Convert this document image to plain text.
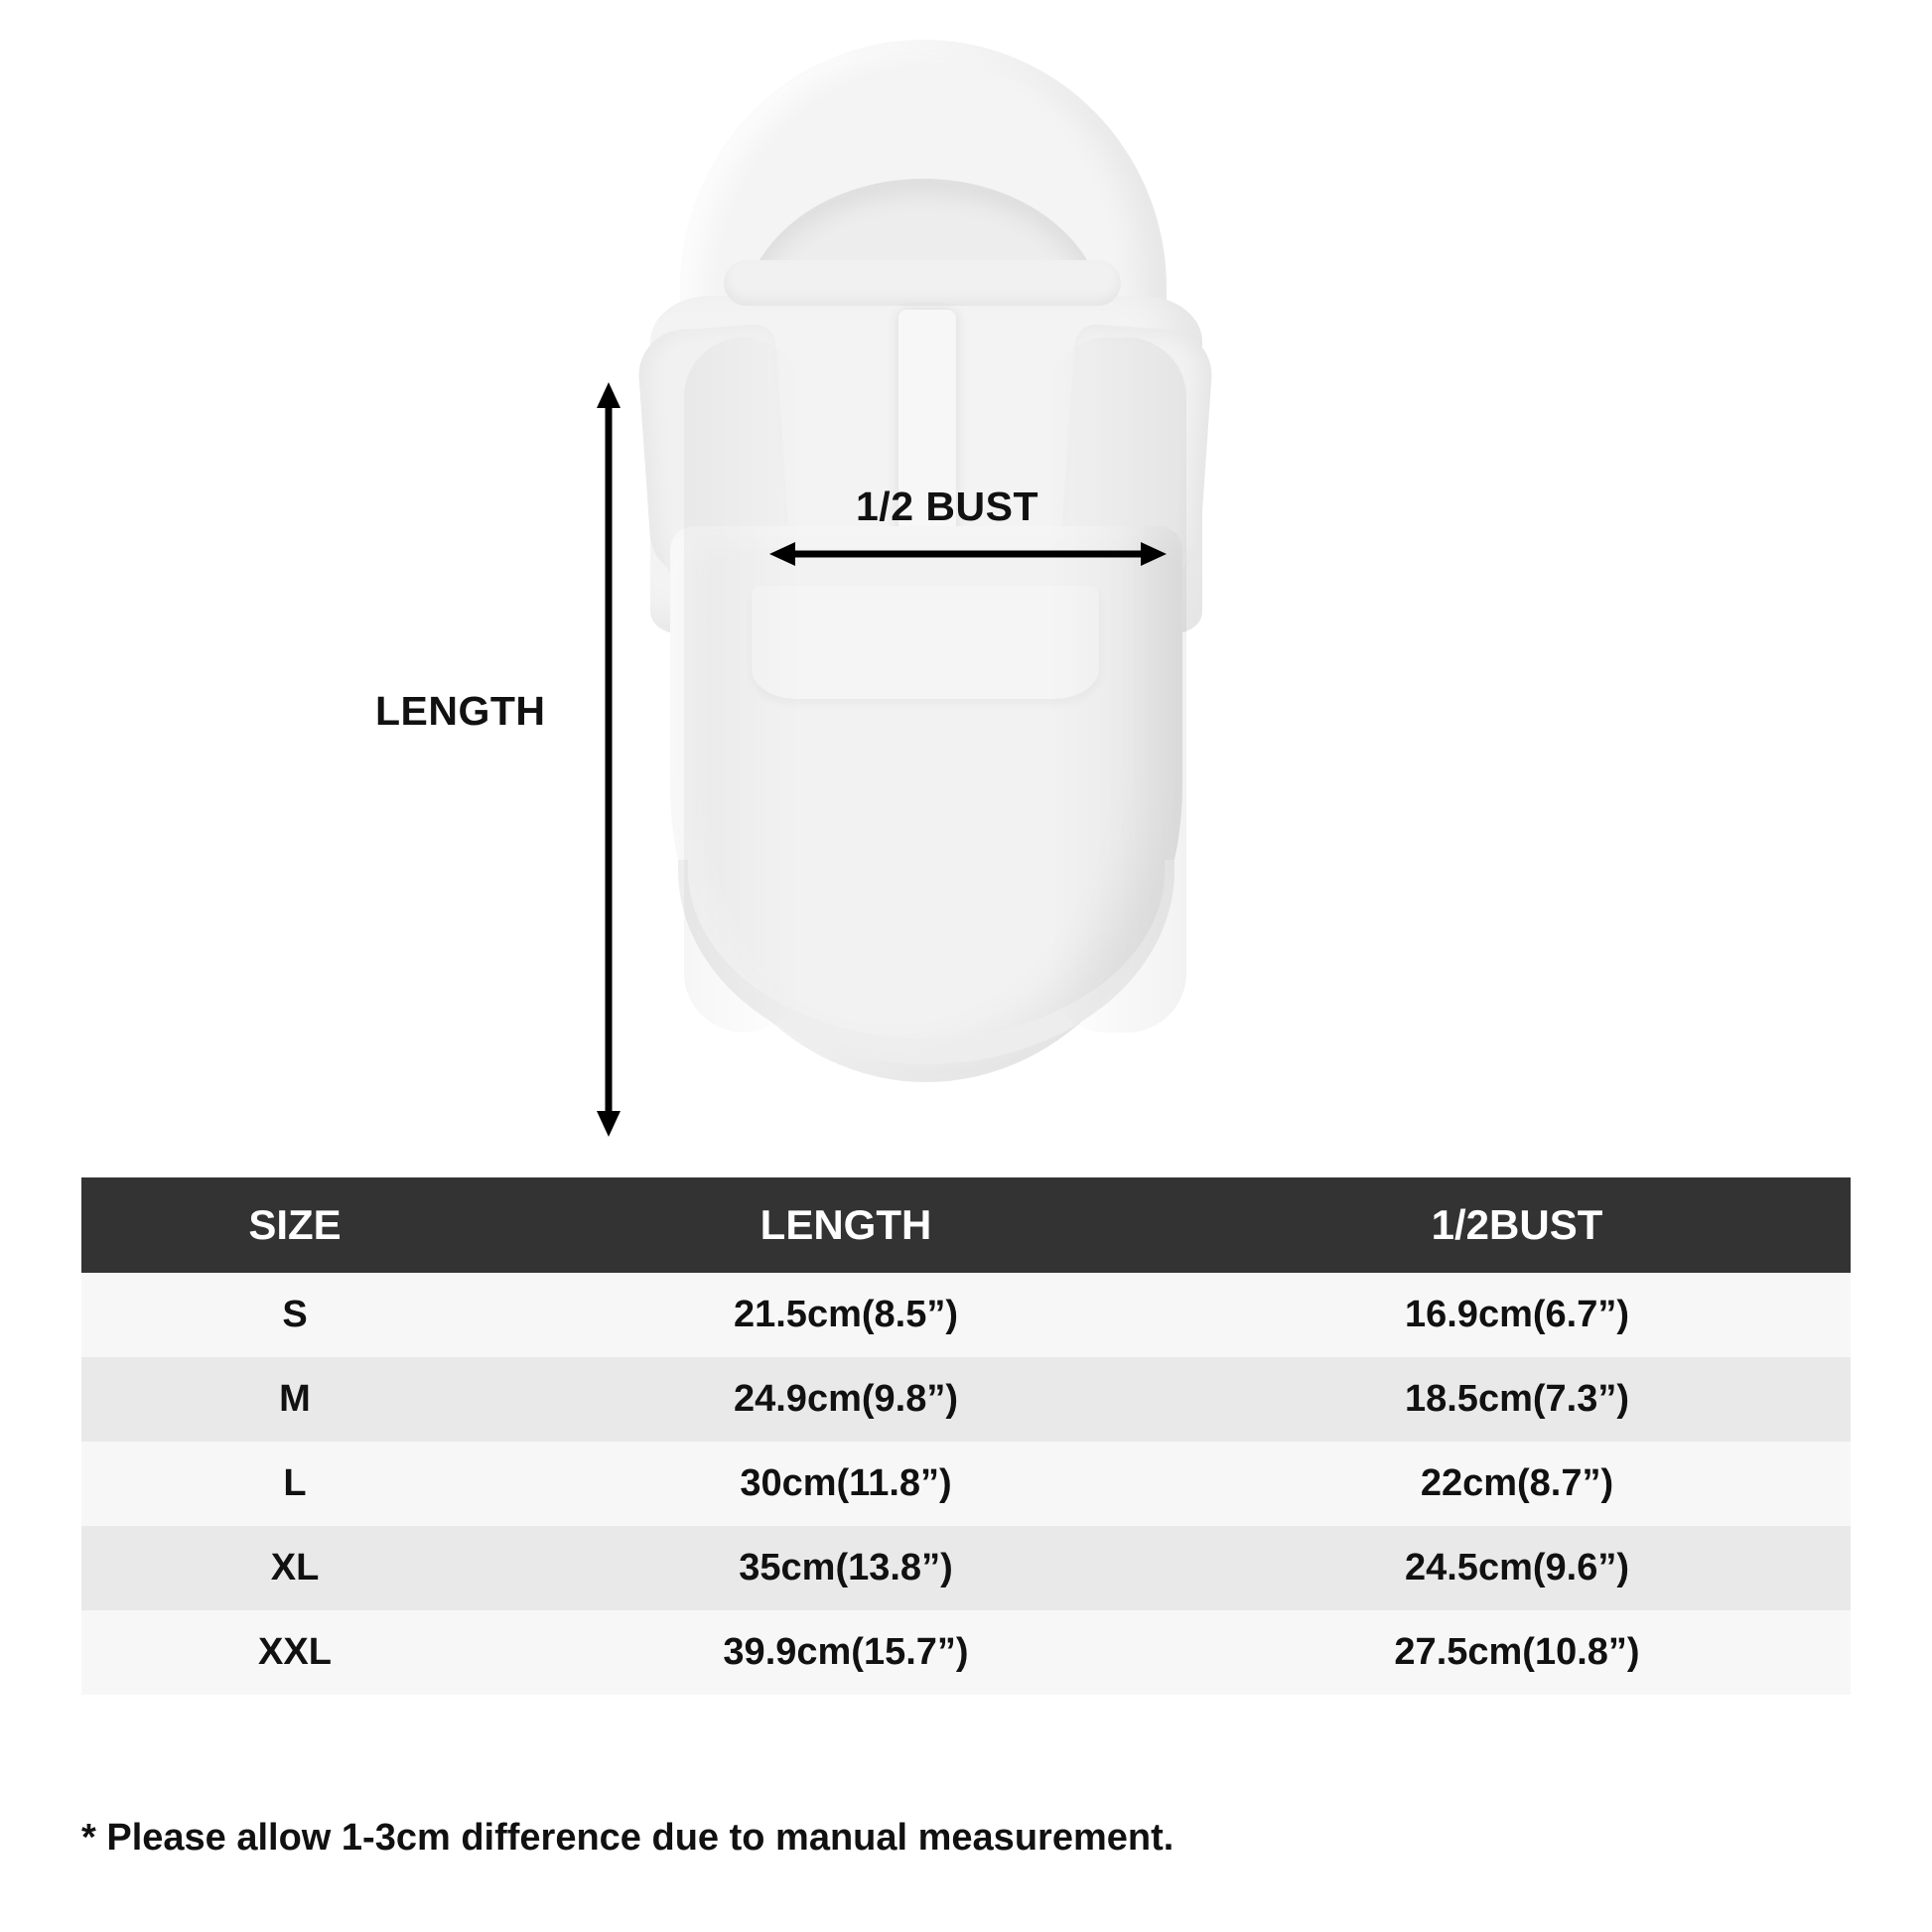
LENGTH
1/2 BUST
SIZE	LENGTH	1/2BUST
S	21.5cm(8.5”)	16.9cm(6.7”)
M	24.9cm(9.8”)	18.5cm(7.3”)
L	30cm(11.8”)	22cm(8.7”)
XL	35cm(13.8”)	24.5cm(9.6”)
XXL	39.9cm(15.7”)	27.5cm(10.8”)
* Please allow 1-3cm difference due to manual measurement.
